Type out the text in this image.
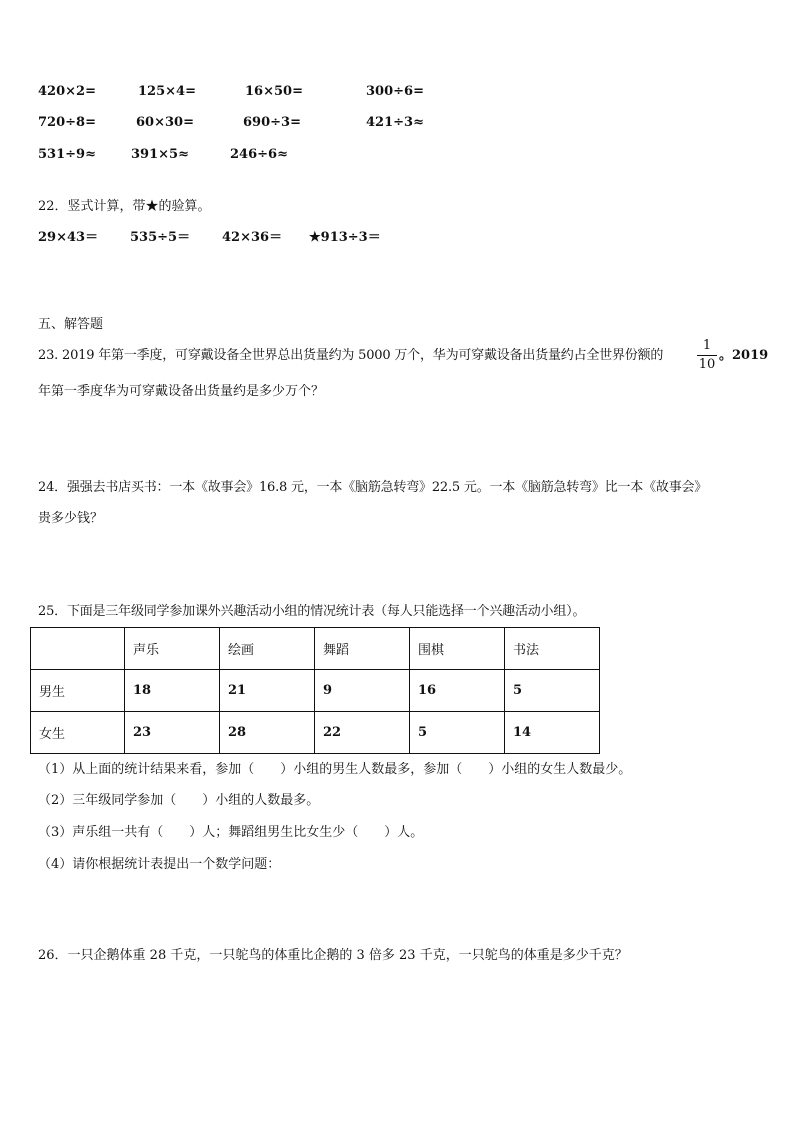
420×2=	125×4=	16×50=	300÷6=
720÷8=	60×30=	690÷3=	421÷3≈
531÷9≈	391×5≈	246÷6≈
22．竖式计算，带★的验算。
29×43＝ 535÷5＝ 42×36＝ ★913÷3＝
五、解答题
23. 2019 年第一季度，可穿戴设备全世界总出货量约为 5000 万个，华为可穿戴设备出货量约占全世界份额的
1
10
。2019
年第一季度华为可穿戴设备出货量约是多少万个？
24．强强去书店买书：一本《故事会》16.8 元，一本《脑筋急转弯》22.5 元。一本《脑筋急转弯》比一本《故事会》
贵多少钱？
25．下面是三年级同学参加课外兴趣活动小组的情况统计表（每人只能选择一个兴趣活动小组）。
	声乐	绘画	舞蹈	围棋	书法
男生	18	21	9	16	5
女生	23	28	22	5	14
（1）从上面的统计结果来看，参加（　　）小组的男生人数最多，参加（　　）小组的女生人数最少。
（2）三年级同学参加（　　）小组的人数最多。
（3）声乐组一共有（　　）人；舞蹈组男生比女生少（　　）人。
（4）请你根据统计表提出一个数学问题：
26．一只企鹅体重 28 千克，一只鸵鸟的体重比企鹅的 3 倍多 23 千克，一只鸵鸟的体重是多少千克？
